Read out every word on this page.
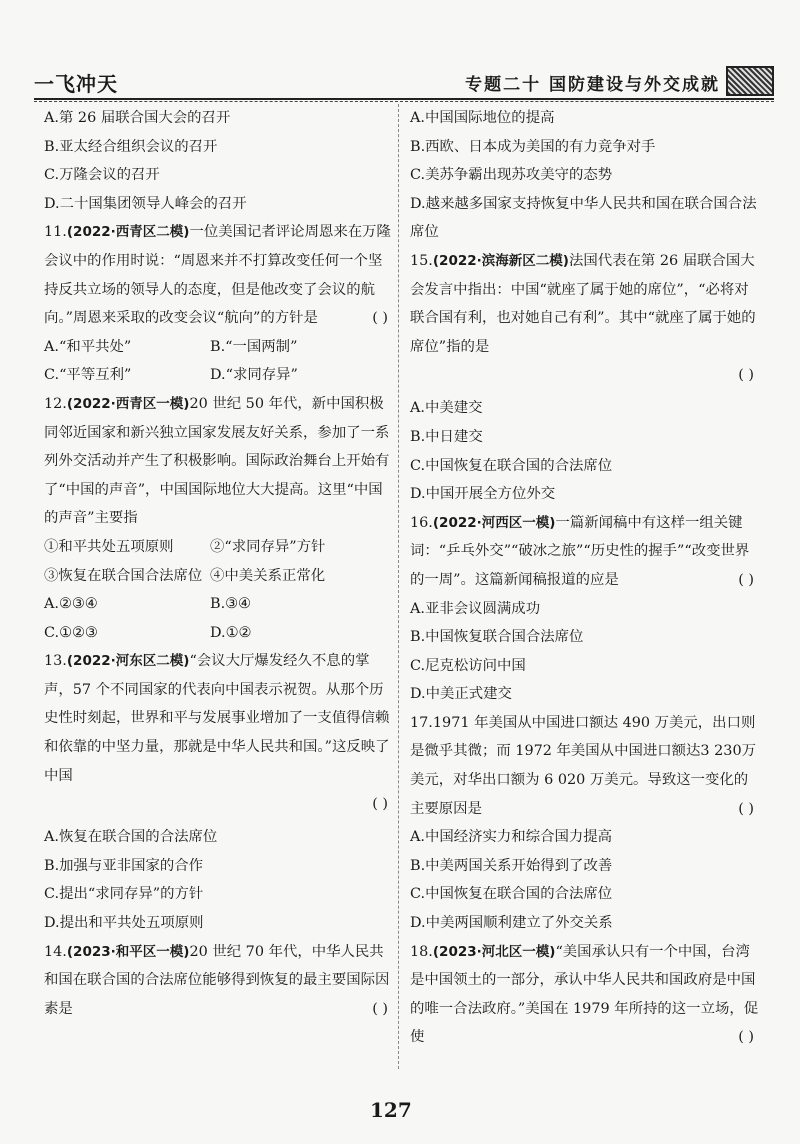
一飞冲天	专题二十 国防建设与外交成就
A.第 26 届联合国大会的召开
B.亚太经合组织会议的召开
C.万隆会议的召开
D.二十国集团领导人峰会的召开
11.(2022·西青区二模)一位美国记者评论周恩来在万隆会议中的作用时说：“周恩来并不打算改变任何一个坚持反共立场的领导人的态度，但是他改变了会议的航向。”周恩来采取的改变会议“航向”的方针是	( )
A.“和平共处”	B.“一国两制”
C.“平等互利”	D.“求同存异”
12.(2022·西青区一模)20 世纪 50 年代，新中国积极同邻近国家和新兴独立国家发展友好关系，参加了一系列外交活动并产生了积极影响。国际政治舞台上开始有了“中国的声音”，中国国际地位大大提高。这里“中国的声音”主要指
①和平共处五项原则	②“求同存异”方针
③恢复在联合国合法席位 ④中美关系正常化
A.②③④	B.③④
C.①②③	D.①②
13.(2022·河东区二模)“会议大厅爆发经久不息的掌声，57 个不同国家的代表向中国表示祝贺。从那个历史性时刻起，世界和平与发展事业增加了一支值得信赖和依靠的中坚力量，那就是中华人民共和国。”这反映了中国
( )
A.恢复在联合国的合法席位
B.加强与亚非国家的合作
C.提出“求同存异”的方针
D.提出和平共处五项原则
14.(2023·和平区一模)20 世纪 70 年代，中华人民共和国在联合国的合法席位能够得到恢复的最主要国际因素是	( )
A.中国国际地位的提高
B.西欧、日本成为美国的有力竞争对手
C.美苏争霸出现苏攻美守的态势
D.越来越多国家支持恢复中华人民共和国在联合国合法席位
15.(2022·滨海新区二模)法国代表在第 26 届联合国大会发言中指出：中国“就座了属于她的席位”，“必将对联合国有利，也对她自己有利”。其中“就座了属于她的席位”指的是
( )
A.中美建交
B.中日建交
C.中国恢复在联合国的合法席位
D.中国开展全方位外交
16.(2022·河西区一模)一篇新闻稿中有这样一组关键词：“乒乓外交”“破冰之旅”“历史性的握手”“改变世界的一周”。这篇新闻稿报道的应是	( )
A.亚非会议圆满成功
B.中国恢复联合国合法席位
C.尼克松访问中国
D.中美正式建交
17.1971 年美国从中国进口额达 490 万美元，出口则是微乎其微；而 1972 年美国从中国进口额达3 230万美元，对华出口额为 6 020 万美元。导致这一变化的主要原因是	( )
A.中国经济实力和综合国力提高
B.中美两国关系开始得到了改善
C.中国恢复在联合国的合法席位
D.中美两国顺利建立了外交关系
18.(2023·河北区一模)“美国承认只有一个中国，台湾是中国领土的一部分，承认中华人民共和国政府是中国的唯一合法政府。”美国在 1979 年所持的这一立场，促使	( )
127
